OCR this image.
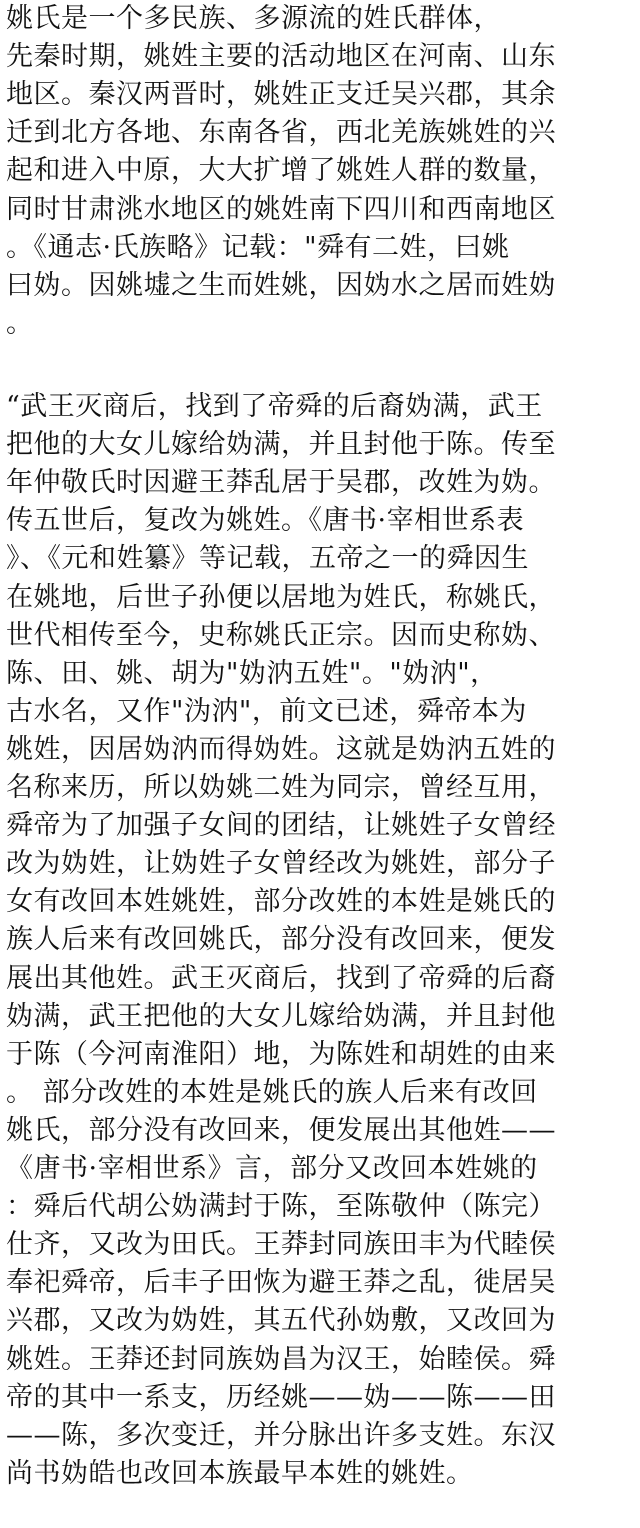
姚氏是一个多民族、多源流的姓氏群体，
先秦时期，姚姓主要的活动地区在河南、山东
地区。秦汉两晋时，姚姓正支迁吴兴郡，其余
迁到北方各地、东南各省，西北羌族姚姓的兴
起和进入中原，大大扩增了姚姓人群的数量，
同时甘肃洮水地区的姚姓南下四川和西南地区
。《通志·氏族略》记载："舜有二姓，曰姚
曰妫。因姚墟之生而姓姚，因妫水之居而姓妫
。
“武王灭商后，找到了帝舜的后裔妫满，武王
把他的大女儿嫁给妫满，并且封他于陈。传至
年仲敬氏时因避王莽乱居于吴郡，改姓为妫。
传五世后，复改为姚姓。《唐书·宰相世系表
》、《元和姓纂》等记载，五帝之一的舜因生
在姚地，后世子孙便以居地为姓氏，称姚氏，
世代相传至今，史称姚氏正宗。因而史称妫、
陈、田、姚、胡为"妫汭五姓"。"妫汭"，
古水名，又作"沩汭"，前文已述，舜帝本为
姚姓，因居妫汭而得妫姓。这就是妫汭五姓的
名称来历，所以妫姚二姓为同宗，曾经互用，
舜帝为了加强子女间的团结，让姚姓子女曾经
改为妫姓，让妫姓子女曾经改为姚姓，部分子
女有改回本姓姚姓，部分改姓的本姓是姚氏的
族人后来有改回姚氏，部分没有改回来，便发
展出其他姓。武王灭商后，找到了帝舜的后裔
妫满，武王把他的大女儿嫁给妫满，并且封他
于陈（今河南淮阳）地，为陈姓和胡姓的由来
。 部分改姓的本姓是姚氏的族人后来有改回
姚氏，部分没有改回来，便发展出其他姓——
《唐书·宰相世系》言，部分又改回本姓姚的
：舜后代胡公妫满封于陈，至陈敬仲（陈完）
仕齐，又改为田氏。王莽封同族田丰为代睦侯
奉祀舜帝，后丰子田恢为避王莽之乱，徙居吴
兴郡，又改为妫姓，其五代孙妫敷，又改回为
姚姓。王莽还封同族妫昌为汉王，始睦侯。舜
帝的其中一系支，历经姚——妫——陈——田
——陈，多次变迁，并分脉出许多支姓。东汉
尚书妫皓也改回本族最早本姓的姚姓。
